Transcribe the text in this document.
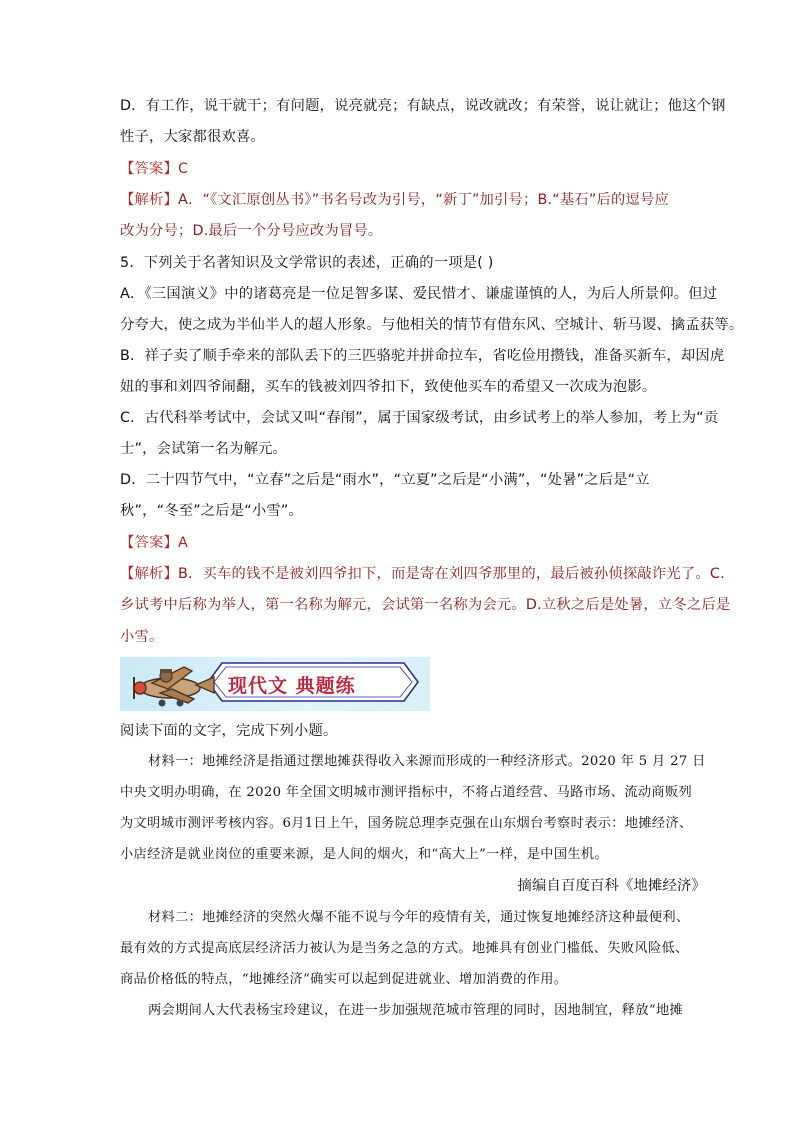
D．有工作，说干就干；有问题，说亮就亮；有缺点，说改就改；有荣誉，说让就让；他这个钢
性子，大家都很欢喜。
【答案】C
【解析】A．“《文汇原创丛书》”书名号改为引号，“新丁”加引号；B.“基石”后的逗号应
改为分号；D.最后一个分号应改为冒号。
5．下列关于名著知识及文学常识的表述，正确的一项是( )
A．《三国演义》中的诸葛亮是一位足智多谋、爱民惜才、谦虚谨慎的人，为后人所景仰。但过
分夸大，使之成为半仙半人的超人形象。与他相关的情节有借东风、空城计、斩马谡、擒孟获等。
B．祥子卖了顺手牵来的部队丢下的三匹骆驼并拼命拉车，省吃俭用攒钱，准备买新车，却因虎
妞的事和刘四爷闹翻，买车的钱被刘四爷扣下，致使他买车的希望又一次成为泡影。
C．古代科举考试中，会试又叫“春闱”，属于国家级考试，由乡试考上的举人参加，考上为“贡
士”，会试第一名为解元。
D．二十四节气中，“立春”之后是“雨水”，“立夏”之后是“小满”，“处暑”之后是“立
秋”，“冬至”之后是“小雪”。
【答案】A
【解析】B．买车的钱不是被刘四爷扣下，而是寄在刘四爷那里的，最后被孙侦探敲诈光了。C.
乡试考中后称为举人，第一名称为解元，会试第一名称为会元。D.立秋之后是处暑，立冬之后是
小雪。
现代文 典题练
阅读下面的文字，完成下列小题。
材料一：地摊经济是指通过摆地摊获得收入来源而形成的一种经济形式。2020 年 5 月 27 日
中央文明办明确，在 2020 年全国文明城市测评指标中，不将占道经营、马路市场、流动商贩列
为文明城市测评考核内容。6月1日上午，国务院总理李克强在山东烟台考察时表示：地摊经济、
小店经济是就业岗位的重要来源，是人间的烟火，和“高大上”一样，是中国生机。
摘编自百度百科《地摊经济》
材料二：地摊经济的突然火爆不能不说与今年的疫情有关，通过恢复地摊经济这种最便利、
最有效的方式提高底层经济活力被认为是当务之急的方式。地摊具有创业门槛低、失败风险低、
商品价格低的特点，“地摊经济”确实可以起到促进就业、增加消费的作用。
两会期间人大代表杨宝玲建议，在进一步加强规范城市管理的同时，因地制宜，释放“地摊
